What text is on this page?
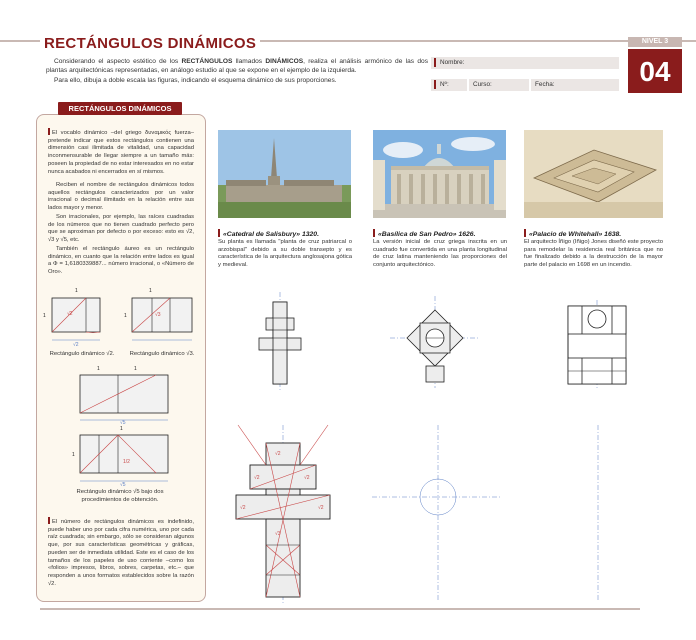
RECTÁNGULOS DINÁMICOS	NIVEL 3
04
Considerando el aspecto estético de los RECTÁNGULOS llamados DINÁMICOS, realiza el análisis armónico de las dos plantas arquitectónicas representadas, en análogo estudio al que se expone en el ejemplo de la izquierda.
Para ello, dibuja a doble escala las figuras, indicando el esquema dinámico de sus proporciones.
Nombre:
Nº:	Curso:	Fecha:
RECTÁNGULOS DINÁMICOS
El vocablo dinámico –del griego δυναμικός fuerza– pretende indicar que estos rectángulos contienen una dimensión casi ilimitada de vitalidad, una capacidad inconmensurable de llegar siempre a un tamaño más: poseen la propiedad de no estar interesados en no estar nunca acabados ni encerrados en sí mismos.
Reciben el nombre de rectángulos dinámicos todos aquellos rectángulos caracterizados por un valor irracional o decimal ilimitado en la relación entre sus lados mayor y menor.
Son irracionales, por ejemplo, las raíces cuadradas de los números que no tienen cuadrado perfecto pero que se aproximan por defecto o por exceso: esto es √2, √3 y √5, etc.
También el rectángulo áureo es un rectángulo dinámico, en cuanto que la relación entre lados es igual a Φ = 1,6180339887... número irracional, o «Número de Oro».
1
1	√2
√2
1
1	√3
Rectángulo dinámico √2.	Rectángulo dinámico √3.
1	1
√5
1
1
1/2
√5
Rectángulo dinámico √5 bajo dos
procedimientos de obtención.
El número de rectángulos dinámicos es indefinido, puede haber uno por cada cifra numérica, uno por cada raíz cuadrada; sin embargo, sólo se consideran algunos que, por sus características geométricas y gráficas, pueden ser de inmediata utilidad. Este es el caso de los tamaños de los papeles de uso corriente –como los «folios» impresos, libros, sobres, carpetas, etc.– que responden a unos formatos establecidos sobre la razón √2.
«Catedral de Salisbury» 1320.
Su planta es llamada "planta de cruz patriarcal o arzobispal" debido a su doble transepto y es característica de la arquitectura anglosajona gótica y medieval.
«Basílica de San Pedro» 1626.
La versión inicial de cruz griega inscrita en un cuadrado fue convertida en una planta longitudinal de cruz latina manteniendo las proporciones del conjunto arquitectónico.
«Palacio de Whitehall» 1638.
El arquitecto Íñigo (Iñigo) Jones diseñó este proyecto para remodelar la residencia real británica que no fue finalizado debido a la destrucción de la mayor parte del palacio en 1698 en un incendio.
√2	√2
√2	√2
√3
√2
